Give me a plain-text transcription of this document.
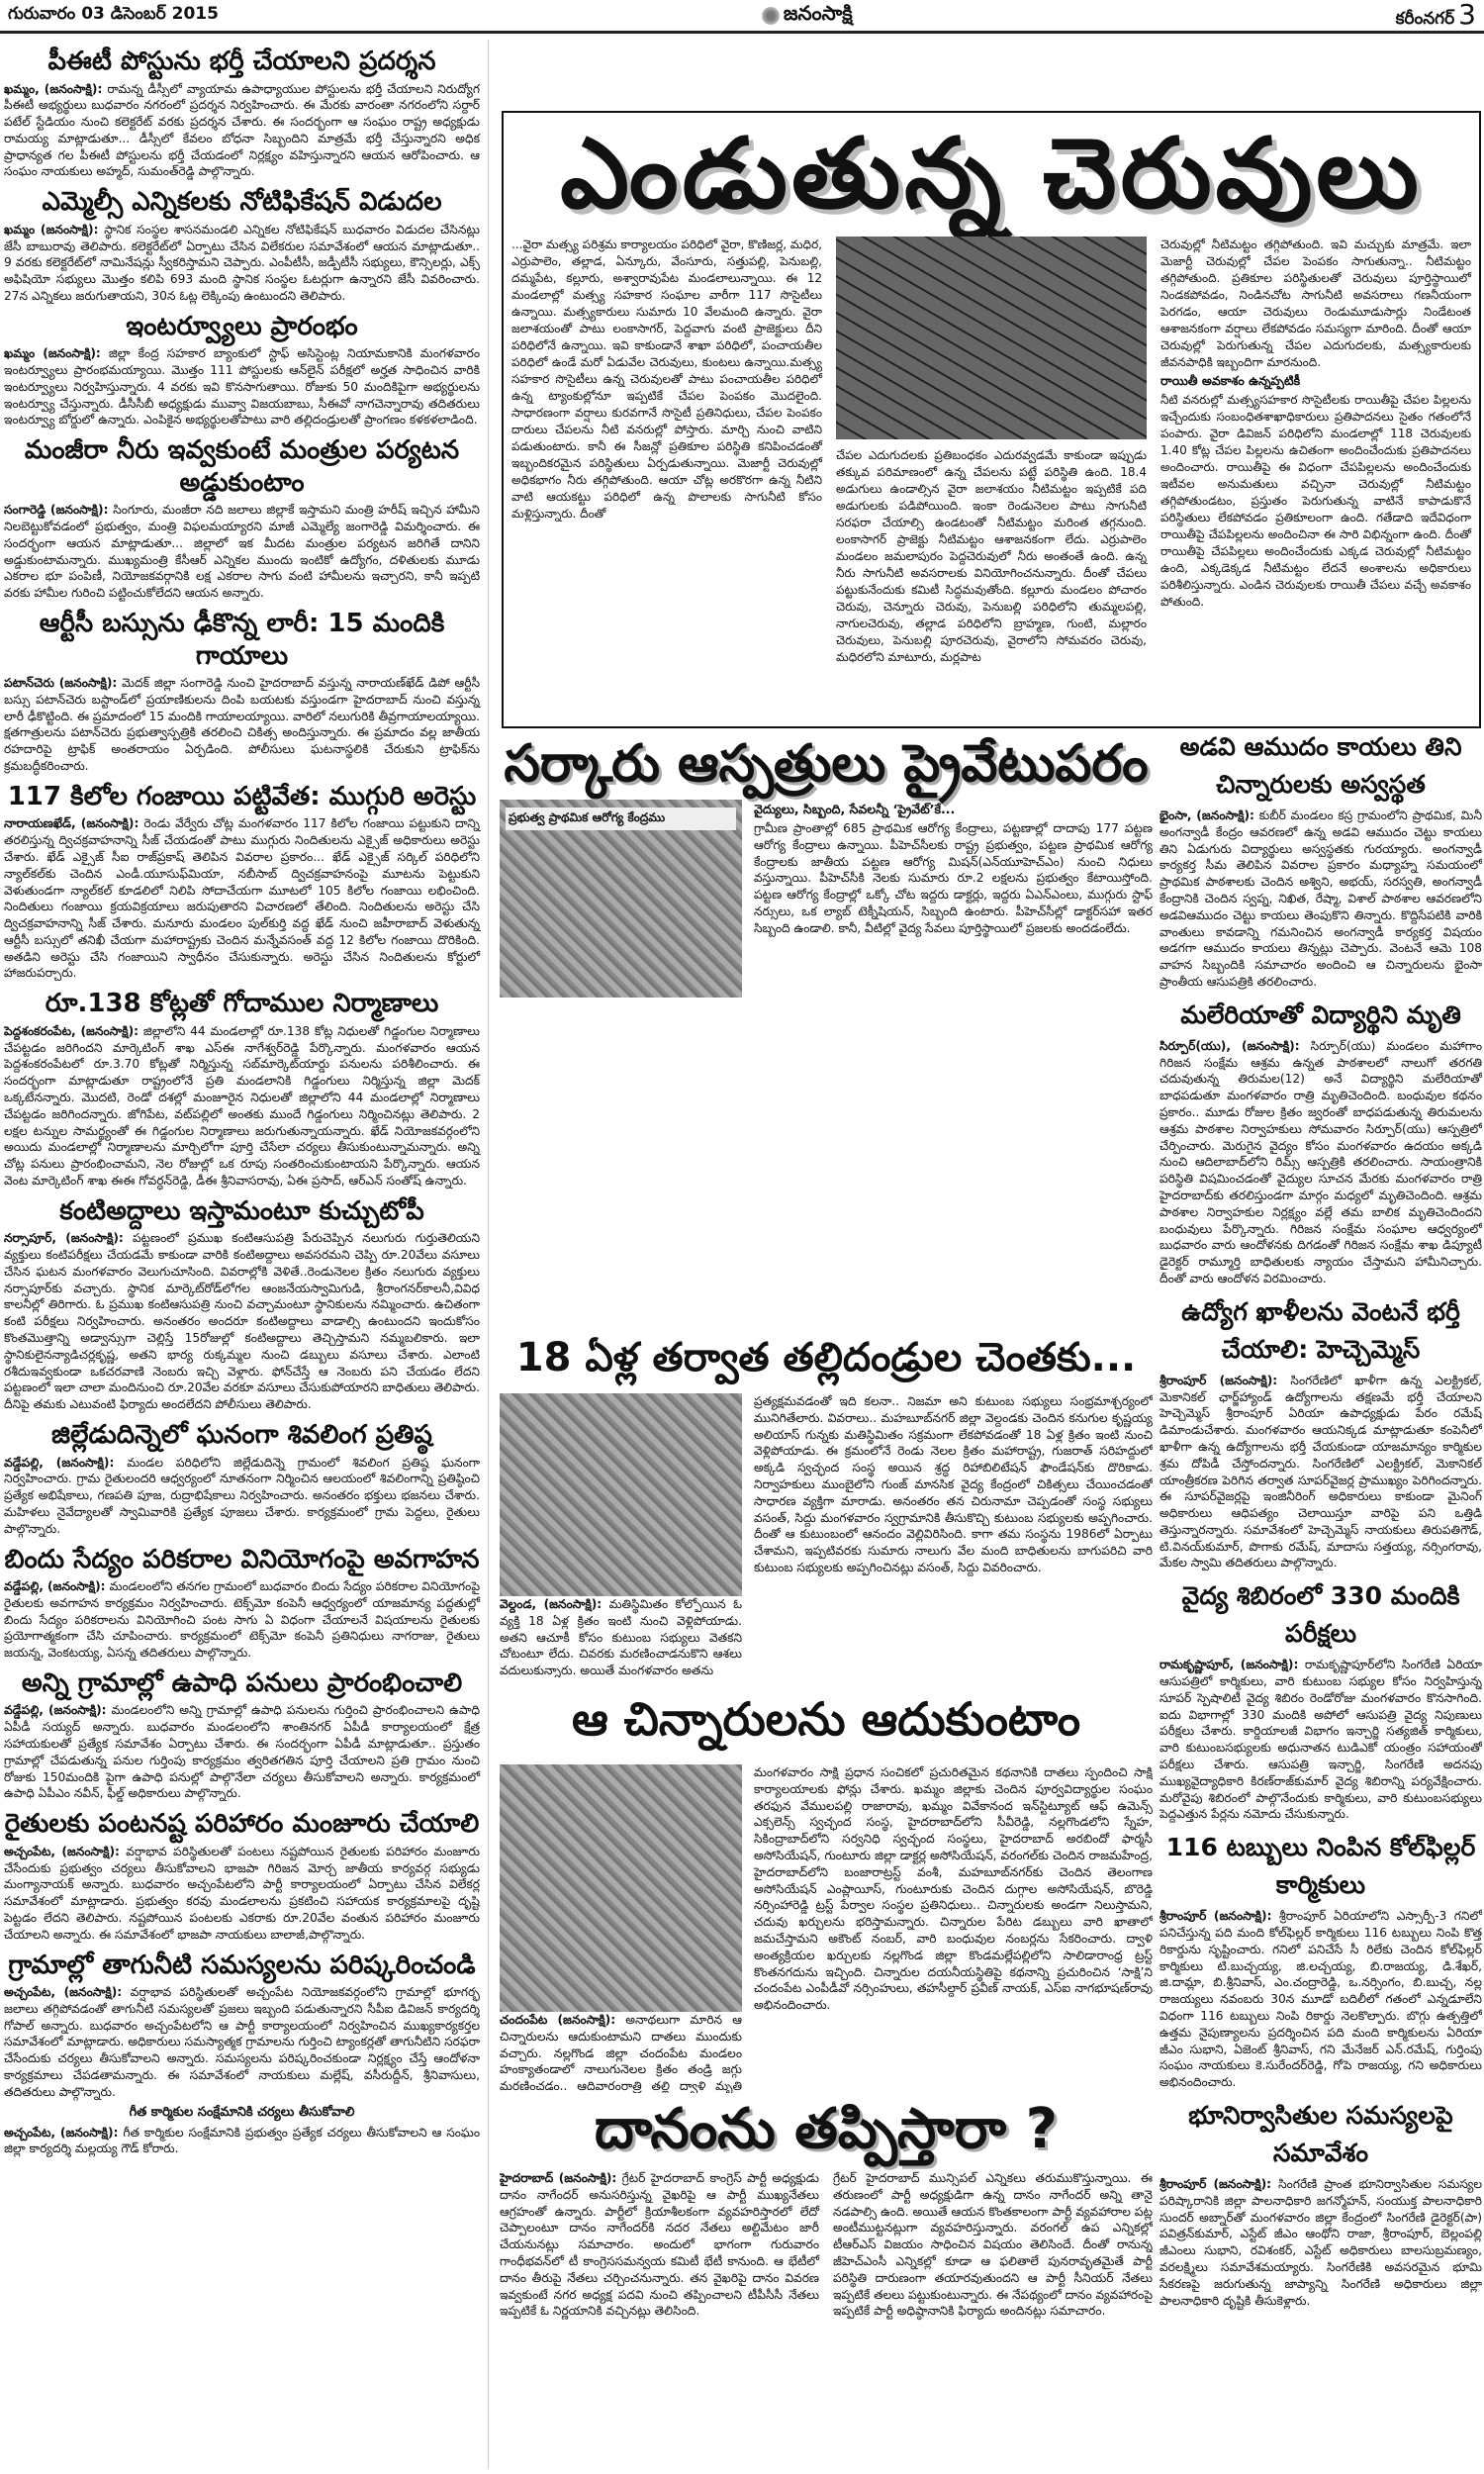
గురువారం 03 డిసెంబర్ 2015	జనంసాక్షి	కరీంనగర్ 3
పీఈటీ పోస్టును భర్తీ చేయాలని ప్రదర్శన

ఖమ్మం, (జనంసాక్షి): రామన్న డీస్సీలో వ్యాయామ ఉపాధ్యాయుల పోస్టులను భర్తీ చేయాలని నిరుద్యోగ పీఈటీ అభ్యర్థులు బుధవారం నగరంలో ప్రదర్శన నిర్వహించారు. ఈ మేరకు వారంతా నగరంలోని సర్దార్ పటేల్ స్టేడియం నుంచి కలెక్టరేట్ వరకు ప్రదర్శన చేశారు. ఈ సందర్భంగా ఆ సంఘం రాష్ట్ర అధ్యక్షుడు రామయ్య మాట్లాడుతూ... డీస్సీలో కేవలం బోధనా సిబ్బందిని మాత్రమే భర్తీ చేస్తున్నారని అధిక ప్రాధాన్యత గల పీఈటీ పోస్టులను భర్తీ చేయడంలో నిర్లక్ష్యం వహిస్తున్నారని ఆయన ఆరోపించారు. ఆ సంఘం నాయకులు అహ్మద్, సుమంత్‌రెడ్డి పాల్గొన్నారు.

ఎమ్మెల్సీ ఎన్నికలకు నోటిఫికేషన్ విడుదల

ఖమ్మం (జనంసాక్షి): స్థానిక సంస్థల శాసనమండలి ఎన్నికల నోటిఫికేషన్ బుధవారం విడుదల చేసినట్లు జేసీ బాబురావు తెలిపారు. కలెక్టరేట్‌లో ఏర్పాటు చేసిన విలేకరుల సమావేశంలో ఆయన మాట్లాడుతూ.. 9 వరకు కలెక్టరేట్‌లో నామినేషన్లు స్వీకరిస్తామని చెప్పారు. ఎంపీటీసీ, జడ్పీటీసీ సభ్యులు, కౌన్సిలర్లు, ఎక్స్ అఫిషియో సభ్యులు మొత్తం కలిపి 693 మంది స్థానిక సంస్థల ఓటర్లుగా ఉన్నారని జేసీ వివరించారు. 27న ఎన్నికలు జరుగుతాయని, 30న ఓట్ల లెక్కింపు ఉంటుందని తెలిపారు.

ఇంటర్వ్యూలు ప్రారంభం

ఖమ్మం (జనంసాక్షి): జిల్లా కేంద్ర సహకార బ్యాంకులో స్టాఫ్ అసిస్టెంట్ల నియామకానికి మంగళవారం ఇంటర్వ్యూలు ప్రారంభమయ్యాయి. మొత్తం 111 పోస్టులకు ఆన్‌లైన్ పరీక్షలో అర్హత సాధించిన వారికి ఇంటర్వ్యూలు నిర్వహిస్తున్నారు. 4 వరకు ఇవి కొనసాగుతాయి. రోజుకు 50 మందికిపైగా అభ్యర్థులను ఇంటర్వ్యూ చేస్తున్నారు. డీసీసీబీ అధ్యక్షుడు మువ్వా విజయబాబు, సీఈవో నాగచెన్నారావు తదితరులు ఇంటర్వ్యూ బోర్డులో ఉన్నారు. ఎంపికైన అభ్యర్థులతోపాటు వారి తల్లిదండ్రులతో ప్రాంగణం కళకళలాడింది.

మంజీరా నీరు ఇవ్వకుంటే మంత్రుల పర్యటన అడ్డుకుంటాం

సంగారెడ్డి (జనంసాక్షి): సింగూరు, మంజీరా నది జలాలు జిల్లాకే ఇస్తామని మంత్రి హరీష్ ఇచ్చిన హామీని నిలబెట్టుకోవడంలో ప్రభుత్వం, మంత్రి విఫలమయ్యారని మాజీ ఎమ్మెల్యే జంగారెడ్డి విమర్శించారు. ఈ సందర్భంగా ఆయన మాట్లాడుతూ... జిల్లాలో ఇక మీదట మంత్రుల పర్యటన జరిగితే దానిని అడ్డుకుంటామన్నారు. ముఖ్యమంత్రి కేసీఆర్ ఎన్నికల ముందు ఇంటికో ఉద్యోగం, దళితులకు మూడు ఎకరాల భూ పంపిణీ, నియోజకవర్గానికి లక్ష ఎకరాల సాగు వంటి హామీలను ఇచ్చారని, కానీ ఇప్పటి వరకు హామీల గురించి పట్టించుకోలేదని ఆయన అన్నారు.

ఆర్టీసీ బస్సును ఢీకొన్న లారీ: 15 మందికి గాయాలు

పటాన్‌చెరు (జనంసాక్షి): మెదక్ జిల్లా సంగారెడ్డి నుంచి హైదరాబాద్ వస్తున్న నారాయణ్‌ఖేడ్ డిపో ఆర్టీసీ బస్సు పటాన్‌చెరు బస్టాండ్‌లో ప్రయాణికులను దింపి బయటకు వస్తుండగా హైదరాబాద్ నుంచి వస్తున్న లారీ ఢీకొట్టింది. ఈ ప్రమాదంలో 15 మందికి గాయాలయ్యాయి. వారిలో నలుగురికి తీవ్రగాయాలయ్యాయి. క్షతగాత్రులను పటాన్‌చెరు ప్రభుత్వాస్పత్రికి తరలించి చికిత్స అందిస్తున్నారు. ఈ ప్రమాదం వల్ల జాతీయ రహదారిపై ట్రాఫిక్ అంతరాయం ఏర్పడింది. పోలీసులు ఘటనాస్థలికి చేరుకుని ట్రాఫిక్‌ను క్రమబద్ధీకరించారు.

117 కిలోల గంజాయి పట్టివేత: ముగ్గురి అరెస్టు

నారాయణఖేడ్, (జనంసాక్షి): రెండు వేర్వేరు చోట్ల మంగళవారం 117 కిలోల గంజాయి పట్టుకుని దాన్ని తరలిస్తున్న ద్విచక్రవాహనాన్ని సీజ్ చేయడంతో పాటు ముగ్గురు నిందితులను ఎక్సైజ్ అధికారులు అరెస్టు చేశారు. ఖేడ్ ఎక్సైజ్ సీఐ రాజ్‌ప్రకాష్ తెలిపిన వివరాల ప్రకారం... ఖేడ్ ఎక్సైజ్ సర్కిల్ పరిధిలోని న్యాల్‌కల్‌కు చెందిన ఎండీ.యూసుఫ్‌మియా, నబీసాబ్ ద్విచక్రవాహనంపై మూటను పెట్టుకుని వెళుతుండగా న్యాల్‌కల్ కూడలిలో నిలిపి సోదాచేయగా మూటలో 105 కిలోల గంజాయి లభించింది. నిందితులు గంజాయి క్రయవిక్రయాలు జరుపుతారని విచారణలో తేలింది. నిందితులను అరెస్టు చేసి ద్విచక్రవాహనాన్ని సీజ్ చేశారు. మనూరు మండలం పుల్‌కుర్తి వద్ద ఖేడ్ నుంచి జహీరాబాద్ వెళుతున్న ఆర్టీసీ బస్సులో తనిఖీ చేయగా మహారాష్ట్రకు చెందిన మన్నేవసంత్ వద్ద 12 కిలోల గంజాయి దొరికింది. అతడిని అరెస్టు చేసి గంజాయిని స్వాధీనం చేసుకున్నారు. అరెస్టు చేసిన నిందితులను కోర్టులో హాజరుపర్చారు.

రూ.138 కోట్లతో గోదాముల నిర్మాణాలు

పెద్దశంకరంపేట, (జనంసాక్షి): జిల్లాలోని 44 మండలాల్లో రూ.138 కోట్ల నిధులతో గిడ్డంగుల నిర్మాణాలు చేపట్టడం జరిగిందని మార్కెటింగ్ శాఖ ఎస్ఈ నాగేశ్వర్‌రెడ్డి పేర్కొన్నారు. మంగళవారం ఆయన పెద్దశంకరంపేటలో రూ.3.70 కోట్లతో నిర్మిస్తున్న సబ్‌మార్కెట్‌యార్డు పనులను పరిశీలించారు. ఈ సందర్భంగా మాట్లాడుతూ రాష్ట్రంలోనే ప్రతి మండలానికి గిడ్డంగులు నిర్మిస్తున్న జిల్లా మెదక్ ఒక్కటేనన్నారు. మొదటి, రెండో దశల్లో మంజూరైన నిధులతో జిల్లాలోని 44 మండలాల్లో నిర్మాణాలు చేపట్టడం జరిగిందన్నారు. జోగిపేట, వట్‌పల్లిలో అంతకు ముందే గిడ్డంగులు నిర్మించినట్లు తెలిపారు. 2 లక్షల టన్నుల సామర్థ్యంతో ఈ గిడ్డంగుల నిర్మాణాలు జరుగుతున్నాయన్నారు. ఖేడ్ నియోజకవర్గంలోని అయిదు మండలాల్లో నిర్మాణాలను మార్చిలోగా పూర్తి చేసేలా చర్యలు తీసుకుంటున్నామన్నారు. అన్ని చోట్ల పనులు ప్రారంభించామని, నెల రోజుల్లో ఒక రూపు సంతరించుకుంటాయని పేర్కొన్నారు. ఆయన వెంట మార్కెటింగ్ శాఖ ఈఈ గోవర్ధన్‌రెడ్డి, డీఈ శ్రీనివాసరావు, ఏఈ ప్రసాద్, ఆర్ఎన్ సంతోష్ ఉన్నారు.

కంటిఅద్దాలు ఇస్తామంటూ కుచ్చుటోపీ

నర్సాపూర్, (జనంసాక్షి): పట్టణంలో ప్రముఖ కంటిఆసుపత్రి పేరుచెప్పిన నలుగురు గుర్తుతెలియని వ్యక్తులు కంటిపరీక్షలు చేయడమే కాకుండా వారికి కంటిఅద్దాలు అవసరమని చెప్పి రూ.20వేలు వసూలు చేసిన ఘటన మంగళవారం వెలుగుచూసింది. వివరాల్లోకి వెళితే..రెండునెలల క్రితం నలుగురు వ్యక్తులు నర్సాపూర్‌కు వచ్చారు. స్థానిక మార్కెట్‌రోడ్‌లోగల ఆంజనేయస్వామిగుడి, శ్రీరాంగనర్‌కాలనీ,వివిధ కాలనీల్లో తిరిగారు. ఓ ప్రముఖ కంటిఆసుపత్రి నుంచి వచ్చామంటూ స్థానికులను నమ్మించారు. ఉచితంగా కంటి పరీక్షలు నిర్వహించారు. అనంతరం అందరూ కంటిఅద్దాలు వాడాల్సి ఉంటుందని ఇందుకోసం కొంతమొత్తాన్ని అడ్వాన్సుగా చెల్లిస్తే 15రోజుల్లో కంటిఅద్దాలు తెచ్చిస్తామని నమ్మబలికారు. ఇలా స్థానికులైనన్యాడిచర్లకృష్ణ, అతని భార్య రుక్కమ్మల నుంచి డబ్బులు వసూలు చేశారు. ఎలాంటి రశీదుఇవ్వకుండా ఒకచరవాణి నెంబరు ఇచ్చి వెళ్లారు. ఫోన్‌చేస్తే ఆ నెంబరు పని చేయడం లేదని పట్టణంలో ఇలా చాలా మందినుంచి రూ.20వేల వరకూ వసూలు చేసుకుపోయారని బాధితులు తెలిపారు. దీనిపై తమకు ఎటువంటి ఫిర్యాదు అందలేదని పోలీసులు తెలిపారు.

జిల్లేడుదిన్నెలో ఘనంగా శివలింగ ప్రతిష్ఠ

వడ్డేపల్లి, (జనంసాక్షి): మండల పరిధిలోని జిల్లేడుదిన్నె గ్రామంలో శివలింగ ప్రతిష్ఠ ఘనంగా నిర్వహించారు. గ్రామ రైతులందరి ఆధ్వర్యంలో నూతనంగా నిర్మించిన ఆలయంలో శివలింగాన్ని ప్రతిష్ఠించి ప్రత్యేక అభిషేకాలు, గణపతి పూజ, రుద్రాభిషేకాలు నిర్వహించారు. అనంతరం భక్తులు భజనలు చేశారు. మహిళలు నైవేద్యాలతో స్వామివారికి ప్రత్యేక పూజలు చేశారు. కార్యక్రమంలో గ్రామ పెద్దలు, రైతులు పాల్గొన్నారు.

బిందు సేద్యం పరికరాల వినియోగంపై అవగాహన

వడ్డేపల్లి, (జనంసాక్షి): మండలంలోని తనగల గ్రామంలో బుధవారం బిందు సేద్యం పరికరాల వినియోగంపై రైతులకు అవగాహన కార్యక్రమం నిర్వహించారు. టెక్స్‌మో కంపెనీ ఆధ్వర్యంలో యాజమాన్య పద్ధతుల్లో బిందు సేద్యం పరికరాలను వినియోగించి పంట సాగు ఏ విధంగా చేయాలనే విషయాలను రైతులకు ప్రయోగాత్మకంగా చేసి చూపించారు. కార్యక్రమంలో టెక్స్‌మో కంపెనీ ప్రతినిధులు నాగరాజు, రైతులు జయన్న, వెంకటయ్య, ఏసన్న తదితరులు పాల్గొన్నారు.

అన్ని గ్రామాల్లో ఉపాధి పనులు ప్రారంభించాలి

వడ్డేపల్లి, (జనంసాక్షి): మండలంలోని అన్ని గ్రామాల్లో ఉపాధి పనులను గుర్తించి ప్రారంభించాలని ఉపాధి ఏపీడీ సయ్యద్ అన్నారు. బుధవారం మండలంలోని శాంతినగర్ ఏపీడీ కార్యాలయంలో క్షేత్ర సహాయకులతో ప్రత్యేక సమావేశం ఏర్పాటు చేశారు. ఈ సందర్భంగా ఏపీడీ మాట్లాడుతూ.. ప్రస్తుతం గ్రామాల్లో చేపడుతున్న పనుల గుర్తింపు కార్యక్రమం త్వరితగతిన పూర్తి చేయాలని ప్రతి గ్రామం నుంచి రోజుకు 150మందికి పైగా ఉపాధి పనుల్లో పాల్గొనేలా చర్యలు తీసుకోవాలని అన్నారు. కార్యక్రమంలో ఉపాధి ఏపీఎం నవీన్, ఫీల్డ్ అధికారులు పాల్గొన్నారు.

రైతులకు పంటనష్ట పరిహారం మంజూరు చేయాలి

అచ్చంపేట, (జనంసాక్షి): వర్షాభావ పరిస్థితులతో పంటలు నష్టపోయిన రైతులకు పరిహారం మంజూరు చేసేందుకు ప్రభుత్వం చర్యలు తీసుకోవాలని భాజపా గిరిజన మోర్చ జాతీయ కార్యవర్గ సభ్యుడు మంగ్యానాయక్ అన్నారు. బుధవారం అచ్చంపేటలోని పార్టీ కార్యాలయంలో ఏర్పాటు చేసిన విలేకర్ల సమావేశంలో మాట్లాడారు. ప్రభుత్వం కరవు మండలాలను ప్రకటించి సహాయక కార్యక్రమాలపై దృష్టి పెట్టడం లేదని తెలిపారు. నష్టపోయిన పంటలకు ఎకరాకు రూ.20వేల వంతున పరిహారం మంజూరు చేయాలని అన్నారు. ఈ సమావేశంలో భాజపా నాయకులు బాలాజీ,పాల్గొన్నారు.

గ్రామాల్లో తాగునీటి సమస్యలను పరిష్కరించండి

అచ్చంపేట, (జనంసాక్షి): వర్షాభావ పరిస్థితులతో అచ్చంపేట నియోజకవర్గంలోని గ్రామాల్లో భూగర్భ జలాలు తగ్గిపోవడంతో తాగునీటి సమస్యలతో ప్రజలు ఇబ్బంది పడుతున్నారని సీపీఐ డివిజన్ కార్యదర్శి గోపాల్ అన్నారు. బుధవారం అచ్చంపేటలోని ఆ పార్టీ కార్యాలయంలో నిర్వహించిన ముఖ్యకార్యకర్తల సమావేశంలో మాట్లాడారు. అధికారులు సమస్యాత్మక గ్రామాలను గుర్తించి ట్యాంకర్లతో తాగునీటిని సరఫరా చేసేందుకు చర్యలు తీసుకోవాలని అన్నారు. సమస్యలను పరిష్కరించకుండా నిర్లక్ష్యం చేస్తే ఆందోళనా కార్యక్రమాలు చేపడతామన్నారు. ఈ సమావేశంలో నాయకులు మల్లేష్, వసీరుద్దీన్, శ్రీనివాసులు, తదితరులు పాల్గొన్నారు.

గీత కార్మికుల సంక్షేమానికి చర్యలు తీసుకోవాలి

అచ్చంపేట, (జనంసాక్షి): గీత కార్మికుల సంక్షేమానికి ప్రభుత్వం ప్రత్యేక చర్యలు తీసుకోవాలని ఆ సంఘం జిల్లా కార్యదర్శి మల్లయ్య గౌడ్ కోరారు.

ఎండుతున్న చెరువులు

...వైరా మత్స్య పరిశ్రమ కార్యాలయం పరిధిలో వైరా, కొణిజర్ల, మధిర, ఎర్రుపాలెం, తల్లాడ, ఏన్కూరు, వేంసూరు, సత్తుపల్లి, పెనుబల్లి, దమ్మపేట, కల్లూరు, అశ్వారావుపేట మండలాలున్నాయి. ఈ 12 మండలాల్లో మత్స్య సహకార సంఘాల వారీగా 117 సొసైటీలు ఉన్నాయి. మత్స్యకారులు సుమారు 10 వేలమంది ఉన్నారు. వైరా జలాశయంతో పాటు లంకాసాగర్, పెద్దవాగు వంటి ప్రాజెక్టులు దీని పరిధిలోనే ఉన్నాయి. ఇవి కాకుండానే శాఖా పరిధిలో, పంచాయతీల పరిధిలో ఉండే మరో ఏడువేల చెరువులు, కుంటలు ఉన్నాయి.మత్స్య సహకార సొసైటీలు ఉన్న చెరువులతో పాటు పంచాయతీల పరిధిలో ఉన్న ట్యాంకుల్లోనూ ఇప్పటికే చేపల పెంపకం మొదలైంది. సాధారణంగా వర్షాలు కురవగానే సొసైటీ ప్రతినిధులు, చేపల పెంపకం దారులు చేపలను నీటి వనరుల్లో పోస్తారు. మార్చి నుంచి వాటిని పడుతుంటారు. కానీ ఈ సీజన్లో ప్రతికూల పరిస్థితి కనిపించడంతో ఇబ్బందికరమైన పరిస్థితులు ఏర్పడుతున్నాయి. మెజార్టీ చెరువుల్లో అధికభాగం నీరు తగ్గిపోతుంది. ఆయా చోట్ల అరకొరగా ఉన్న నీటిని వాటి ఆయకట్టు పరిధిలో ఉన్న పొలాలకు సాగునీటి కోసం మళ్లిస్తున్నారు. దీంతో

చేపల ఎదుగుదలకు ప్రతిబంధకం ఎదురవ్వడమే కాకుండా ఇప్పుడు తక్కువ పరిమాణంలో ఉన్న చేపలను పట్టే పరిస్థితి ఉంది. 18.4 అడుగులు ఉండాల్సిన వైరా జలాశయం నీటిమట్టం ఇప్పటికే పది అడుగులకు పడిపోయింది. ఇంకా రెండునెలల పాటు సాగునీటి సరఫరా చేయాల్సి ఉండటంతో నీటిమట్టం మరింత తగ్గనుంది. లంకాసాగర్ ప్రాజెక్టు నీటిమట్టం ఆశాజనకంగా లేదు. ఎర్రుపాలెం మండలం జమలాపురం పెద్దచెరువులో నీరు అంతంతే ఉంది. ఉన్న నీరు సాగునీటి అవసరాలకు వినియోగించనున్నారు. దీంతో చేపలు పట్టుకునేందుకు కమిటీ సిద్ధమవుతోంది. కల్లూరు మండలం పోచారం చెరువు, చెన్నూరు చెరువు, పెనుబల్లి పరిధిలోని తుమ్మలపల్లి, నాగులచెరువు, తల్లాడ పరిధిలోని బ్రాహ్మణ, గుంటి, మల్లారం చెరువులు, పెనుబల్లి పూరచెరువు, వైరాలోని సోమవరం చెరువు, మధిరలోని మాటూరు, మర్లపాట

చెరువుల్లో నీటిమట్టం తగ్గిపోతుంది. ఇవి మచ్చుకు మాత్రమే. ఇలా మెజార్టీ చెరువుల్లో చేపల పెంపకం సాగుతున్నా.. నీటిమట్టం తగ్గిపోతుంది. ప్రతికూల పరిస్థితులతో చెరువులు పూర్తిస్థాయిలో నిండకపోవడం, నిండినచోట సాగునీటి అవసరాలు గణనీయంగా పెరగడం, ఆయా చెరువులు రెండుమూడుసార్లు నిండేటంత ఆశాజనకంగా వర్షాలు లేకపోవడం సమస్యగా మారింది. దీంతో ఆయా చెరువుల్లో పెరుగుతున్న చేపల ఎదుగుదలకు, మత్స్యకారులకు జీవనపాధికి ఇబ్బందిగా మారనుంది.

రాయితీ అవకాశం ఉన్నప్పటికీ

నీటి వనరుల్లో మత్స్యసహకార సొసైటీలకు రాయితీపై చేపల పిల్లలను ఇచ్చేందుకు సంబంధితశాఖాధికారులు ప్రతిపాదనలు సైతం గతంలోనే పంపారు. వైరా డివిజన్ పరిధిలోని మండలాల్లో 118 చెరువులకు 1.40 కోట్ల చేపల పిల్లలను ఉచితంగా అందించేందుకు ప్రతిపాదనలు అందించారు. రాయితీపై ఈ విధంగా చేపపిల్లలను అందించేందుకు ఇటీవల అనుమతులు వచ్చినా చెరువుల్లో నీటిమట్టం తగ్గిపోతుండటం, ప్రస్తుతం పెరుగుతున్న వాటినే కాపాడుకొనే పరిస్థితులు లేకపోవడం ప్రతికూలంగా ఉంది. గతేడాది ఇదేవిధంగా రాయితీపై చేపపిల్లలను అందించినా ఈ సారి విభిన్నంగా ఉంది. దీంతో రాయితీపై చేపపిల్లలు అందించేందుకు ఎక్కడ చెరువుల్లో నీటిమట్టం ఉంది, ఎక్కడెక్కడ నీటిమట్టం లేదనే అంశాలను అధికారులు పరిశీలిస్తున్నారు. ఎండిన చెరువులకు రాయితీ చేపలు వచ్చే అవకాశం పోతుంది.

సర్కారు ఆస్పత్రులు ప్రైవేటుపరం
ప్రభుత్వ ప్రాథమిక ఆరోగ్య కేంద్రము
వైద్యులు, సిబ్బంది, సేవలన్నీ ‘ప్రైవేట్’కే...

గ్రామీణ ప్రాంతాల్లో 685 ప్రాథమిక ఆరోగ్య కేంద్రాలు, పట్టణాల్లో దాదాపు 177 పట్టణ ఆరోగ్య కేంద్రాలు ఉన్నాయి. పీహెచ్‌సీలకు రాష్ట్ర ప్రభుత్వం, పట్టణ ప్రాథమిక ఆరోగ్య కేంద్రాలకు జాతీయ పట్టణ ఆరోగ్య మిషన్(ఎన్‌యూహెచ్‌ఎం) నుంచి నిధులు వస్తున్నాయి. పీహెచ్‌సీకి నెలకు సుమారు రూ.2 లక్షలను ప్రభుత్వం కేటాయిస్తోంది. పట్టణ ఆరోగ్య కేంద్రాల్లో ఒక్కో చోట ఇద్దరు డాక్టర్లు, ఇద్దరు ఏఎన్‌ఎంలు, ముగ్గురు స్టాఫ్ నర్సులు, ఒక ల్యాబ్ టెక్నీషియన్, సిబ్బంది ఉంటారు. పీహెచ్‌సీల్లో డాక్టర్‌సహా ఇతర సిబ్బంది ఉండాలి. కానీ, వీటిల్లో వైద్య సేవలు పూర్తిస్థాయిలో ప్రజలకు అందడంలేదు.

18 ఏళ్ల తర్వాత తల్లిదండ్రుల చెంతకు...

వెల్దండ, (జనంసాక్షి): మతిస్థిమితం కోల్పోయిన ఓ వ్యక్తి 18 ఏళ్ల క్రితం ఇంటి నుంచి వెళ్లిపోయాడు. అతని ఆచూకీ కోసం కుటుంబ సభ్యులు వెతకని చోటంటూ లేదు. చివరకు మరణించాడనుకొని ఆశలు వదులుకున్నారు. అయితే మంగళవారం అతను

ప్రత్యక్షమవడంతో ఇది కలనా.. నిజమా అని కుటుంబ సభ్యులు సంభ్రమాశ్చర్యంలో మునిగితేలారు. వివరాలు.. మహబూబ్‌నగర్ జిల్లా వెల్దండకు చెందిన కనుగుల కృష్ణయ్య అలియాస్ గున్నకు మతిస్థిమితం సక్రమంగా లేకపోవడంతో 18 ఏళ్ల క్రితం ఇంటి నుంచి వెళ్లిపోయాడు. ఈ క్రమంలోనే రెండు నెలల క్రితం మహారాష్ట్ర, గుజరాత్ సరిహద్దులో అక్కడి స్వచ్ఛంద సంస్థ అయిన శ్రద్ధ రిహాబిలిటేషన్ ఫౌండేషన్‌కు దొరికాడు. నిర్వాహకులు ముంబైలోని గుంజ్ మానసిక వైద్య కేంద్రంలో చికిత్సలు చేయించడంతో సాధారణ వ్యక్తిగా మారాడు. అనంతరం తన చిరునామా చెప్పడంతో సంస్థ సభ్యులు వసంత్, సిద్దు మంగళవారం స్వగ్రామానికి తీసుకొచ్చి కుటుంబ సభ్యులకు అప్పగించారు. దీంతో ఆ కుటుంబంలో ఆనందం వెల్లివిరిసింది. కాగా తమ సంస్థను 1986లో ఏర్పాటు చేశామని, ఇప్పటివరకు సుమారు నాలుగు వేల మంది బాధితులను బాగుపరిచి వారి కుటుంబ సభ్యులకు అప్పగించినట్లు వసంత్, సిద్దు వివరించారు.

ఆ చిన్నారులను ఆదుకుంటాం

చందంపేట (జనంసాక్షి): అనాథలుగా మారిన ఆ చిన్నారులను ఆదుకుంటామని దాతలు ముందుకు వచ్చారు. నల్లగొండ జిల్లా చందంపేట మండలం హంక్యాతండాలో నాలుగునెలల క్రితం తండ్రి జగ్గు మరణించడం.. ఆదివారంరాత్రి తల్లి ద్వాళి మృతి

మంగళవారం సాక్షి ప్రధాన సంచికలో ప్రచురితమైన కథనానికి దాతలు స్పందించి సాక్షి కార్యాలయాలకు ఫోన్లు చేశారు. ఖమ్మం జిల్లాకు చెందిన పూర్వవిద్యార్థుల సంఘం తరఫున వేములపల్లి రాజారావు, ఖమ్మం వివేకానంద ఇన్‌స్టిట్యూట్ ఆఫ్ ఉమెన్స్ ఎక్సలెన్స్ స్వచ్ఛంద సంస్థ, హైదరాబాద్‌లోని సీవీరెడ్డి, నల్లగొండలోని స్నేహ, సికింద్రాబాద్‌లోని సర్వనిధి స్వచ్ఛంద సంస్థలు, హైదరాబాద్ అరబిందో ఫార్మసీ అసోసియేషన్, గుంటూరు జిల్లా డాక్టర్ల అసోసియేషన్, వరంగల్‌కు చెందిన రాజమహేంద్ర, హైదరాబాద్‌లోని బంజారాట్రస్ట్ వంశీ, మహబూబ్‌నగర్‌కు చెందిన తెలంగాణ అసోసియేషన్ ఎంప్లాయీస్, గుంటూరుకు చెందిన దుగ్గాల అసోసియేషన్, బొరెడ్డి నర్సింహారెడ్డి ట్రస్ట్ పేర్వాల సంస్థల ప్రతినిధులు.. చిన్నారులకు అండగా నిలుస్తామని, చదువు ఖర్చులను భరిస్తామన్నారు. చిన్నారుల పేరిట డబ్బులు వారి ఖాతాలో జమచేస్తామని అకౌంట్ నంబర్, వారి బంధువుల నంబర్లను సేకరించారు. ద్వాళి అంత్యక్రియల ఖర్చులకు నల్లగొండ జిల్లా కొండమల్లేపల్లిలోని సాలిడారాంధ్ర ట్రస్ట్ కొంతనగదును ఇచ్చింది. చిన్నారుల దయనీయస్థితిపై కథనాన్ని ప్రచురించిన ‘సాక్షి’ని చందంపేట ఎంపీడీవో నర్సింహులు, తహసీల్దార్ ప్రవీణ్ నాయక్, ఎస్ఐ నాగభూషణ్‌రావు అభినందించారు.

దానంను తప్పిస్తారా ?

హైదరాబాద్ (జనంసాక్షి): గ్రేటర్ హైదరాబాద్ కాంగ్రెస్ పార్టీ అధ్యక్షుడు దానం నాగేందర్ అనుసరిస్తున్న వైఖరిపై ఆ పార్టీ ముఖ్యనేతలు ఆగ్రహంతో ఉన్నారు. పార్టీలో క్రియాశీలకంగా వ్యవహరిస్తారలో లేదో చెప్పాలంటూ దానం నాగేందర్‌కి నదర నేతలు అల్టిమేటం జారీ చేయనునట్లు సమాచారం. అందులో భాగంగా గురువారం గాంధీభవన్‌లో టీ కాంగ్రెససమన్వయ కమిటీ భేటీ కానుంది. ఆ భేటీలో దానం తీరుపై నేతలు చర్చించనున్నారు. తన వైఖరిపై దానం వివరణ ఇవ్వకుంటే నగర అధ్యక్ష పదవి నుంచి తప్పించాలని టీపీసీసీ నేతలు ఇప్పటికే ఓ నిర్ణయానికి వచ్చినట్లు తెలిసింది.

గ్రేటర్ హైదరాబాద్ మున్సిపల్ ఎన్నికలు తరుముకొస్తున్నాయి. ఈ తరుణంలో పార్టీ అధ్యక్షుడిగా ఉన్న దానం నాగేందర్ అన్ని తానై నడపాల్సి ఉంది. అయితే ఆయన కొంతకాలంగా పార్టీ వ్యవహారాల పట్ల అంటీముట్టనట్లుగా వ్యవహరిస్తున్నారు. వరంగల్ ఉప ఎన్నికల్లో టీఆర్ఎస్ విజయం సాధించిన విషయం తెలిసిందే. దీంతో రానున్న జీహెచ్ఎంసీ ఎన్నికల్లో కూడా ఆ ఫలితాలే పునరావృతమైతే పార్టీ పరిస్థితి దారుణంగా తయారవుతుందని ఆ పార్టీ సీనియర్ నేతలు ఇప్పటికే తలలు పట్టుకుంటున్నారు. ఈ నేపథ్యంలో దానం వ్యవహారంపై ఇప్పటికే పార్టీ అధిష్ఠానానికి ఫిర్యాదు అందినట్లు సమాచారం.

అడవి ఆముదం కాయలు తిని చిన్నారులకు అస్వస్థత

భైంసా, (జనంసాక్షి): కుబీర్ మండలం కస్ర గ్రామంలోని ప్రాథమిక, మినీ అంగన్వాడీ కేంద్రం ఆవరణలో ఉన్న అడవి ఆముదం చెట్టు కాయలు తిని ఏడుగురు విద్యార్థులు అస్వస్థతకు గురయ్యారు. అంగన్వాడీ కార్యకర్త సీమ తెలిపిన వివరాల ప్రకారం మధ్యాహ్న సమయంలో ప్రాథమిక పాఠశాలకు చెందిన అశ్విని, అభయ్, సరస్వతి, అంగన్వాడీ కేంద్రానికి చెందిన స్వప్న, నిఖిత, రేష్మా, విశాల్ పాఠశాల ఆవరణలోని అడవిఆముదం చెట్టు కాయలు తెంపుకొని తిన్నారు. కొద్దిసేపటికి వారికి వాంతులు కావడాన్ని గమనించిన అంగన్వాడీ కార్యకర్త విషయం అడగగా ఆముదం కాయలు తిన్నట్లు చెప్పారు. వెంటనే ఆమె 108 వాహన సిబ్బందికి సమాచారం అందించి ఆ చిన్నారులను భైంసా ప్రాంతీయ ఆసుపత్రికి తరలించారు.

మలేరియాతో విద్యార్థిని మృతి

సిర్పూర్(యు), (జనంసాక్షి): సిర్పూర్(యు) మండలం మహాగాం గిరిజన సంక్షేమ ఆశ్రమ ఉన్నత పాఠశాలలో నాలుగో తరగతి చదువుతున్న తిరుమల(12) అనే విద్యార్థిని మలేరియాతో బాధపడుతూ మంగళవారం రాత్రి మృతిచెందింది. బంధువుల కథనం ప్రకారం.. మూడు రోజుల క్రితం జ్వరంతో బాధపడుతున్న తిరుమలను ఆశ్రమ పాఠశాల నిర్వాహకులు సోమవారం సిర్పూర్(యు) ఆస్పత్రిలో చేర్పించారు. మెరుగైన వైద్యం కోసం మంగళవారం ఉదయం అక్కడి నుంచి ఆదిలాబాద్‌లోని రిమ్స్ ఆస్పత్రికి తరలించారు. సాయంత్రానికి పరిస్థితి విషమించడంతో వైద్యుల సూచన మేరకు మంగళవారం రాత్రి హైదరాబాద్‌కు తరలిస్తుండగా మార్గం మధ్యలో మృతిచెందింది. ఆశ్రమ పాఠశాల నిర్వాహకుల నిర్లక్ష్యం వల్లే తమ బాలిక మృతిచెందిందని బంధువులు పేర్కొన్నారు. గిరిజన సంక్షేమ సంఘాల ఆధ్వర్యంలో బుధవారం వారు ఆందోళనకు దిగడంతో గిరిజన సంక్షేమ శాఖ డిప్యూటీ డైరెక్టర్ రామ్మూర్తి బాధితులకు న్యాయం చేస్తామని హామీనిచ్చారు. దీంతో వారు ఆందోళన విరమించారు.

ఉద్యోగ ఖాళీలను వెంటనే భర్తీ చేయాలి: హెచ్చెమ్మెస్

శ్రీరాంపూర్ (జనంసాక్షి): సింగరేణిలో ఖాళీగా ఉన్న ఎలక్ట్రికల్, మెకానికల్ ఛార్జ్‌హ్యాండ్ ఉద్యోగాలను తక్షణమే భర్తీ చేయాలని హెచ్చెమ్మెస్ శ్రీరాంపూర్ ఏరియా ఉపాధ్యక్షుడు పేరం రమేష్ డిమాండుచేశారు. మంగళవారం ఆయనిక్కడ మాట్లాడుతూ కంపెనీలో ఖాళీగా ఉన్న ఉద్యోగాలను భర్తీ చేయకుండా యాజమాన్యం కార్మికుల శ్రమ దోపిడీ చేస్తోందన్నారు. సింగరేణిలో ఎలక్ట్రికల్, మెకానికల్ యాంత్రీకరణ పెరిగిన తర్వాత సూపర్‌వైజర్ల ప్రాముఖ్యం పెరిగిందన్నారు. ఈ సూపర్‌వైజర్లపై ఇంజినీరింగ్ అధికారులు కాకుండా మైనింగ్ అధికారులు ఆధిపత్యం చెలాయిస్తూ వారిపై పని ఒత్తిడి తెస్తున్నారన్నారు. సమావేశంలో హెచ్చెమ్మెస్ నాయకులు తిరుపతిగౌడ్, టి.వినయ్‌కుమార్, పొగాకు రమేష్, మాదాసు సత్తయ్య, నర్సింగరావు, మేకల స్వామి తదితరులు పాల్గొన్నారు.

వైద్య శిబిరంలో 330 మందికి పరీక్షలు

రామకృష్ణాపూర్, (జనంసాక్షి): రామకృష్ణాపూర్‌లోని సింగరేణి ఏరియా ఆసుపత్రిలో కార్మికులు, వారి కుటుంబ సభ్యుల కోసం నిర్వహిస్తున్న సూపర్ స్పెషాలిటీ వైద్య శిబిరం రెండోరోజు మంగళవారం కొనసాగింది. ఐదు విభాగాల్లో 330 మందికి అపోలో ఆసుపత్రి వైద్య నిపుణులు పరీక్షలు చేశారు. కార్డియాలజీ విభాగం ఇన్చార్జి సత్యజిత్ కార్మికులు, వారి కుటుంబసభ్యులకు అధునాతన టుడిఎకో యంత్రం సహాయంతో పరీక్షలు చేశారు. ఆసుపత్రి ఇన్చార్జి, సింగరేణి అదనపు ముఖ్యవైద్యాధికారి కిరణ్‌రాజ్‌కుమార్ వైద్య శిబిరాన్ని పర్యవేక్షించారు. మరోవైపు శిబిరంలో పాల్గొనేందుకు కార్మికులు, వారి కుటుంబసభ్యులు పెద్దఎత్తున పేర్లను నమోదు చేసుకున్నారు.

116 టబ్బులు నింపిన కోల్‌ఫిల్లర్ కార్మికులు

శ్రీరాంపూర్ (జనంసాక్షి): శ్రీరాంపూర్ ఏరియాలోని ఎస్సార్పీ-3 గనిలో పనిచేస్తున్న పది మంది కోల్‌ఫిల్లర్ కార్మికులు 116 టబ్బులు నింపి కొత్త రికార్డును సృష్టించారు. గనిలో పనిచేసే సీ రిలేకు చెందిన కోల్‌ఫిల్లర్ కార్మికులు టి.బుచ్చయ్య, జి.లచ్చయ్య, బి.రాజయ్య, డి.శేఖర్, జి.దామ్లా, బి.శ్రీనివాస్, ఎం.చంద్రారెడ్డి, ఒ.నర్సింగం, బి.బుచ్చ, నల్ల రాజయ్యలు నవంబరు 30న మూడో బదిలీలో గతంలో ఎన్నడూలేని విధంగా 116 టబ్బులు నింపి రికార్డు నెలకొల్పారు. బొగ్గు ఉత్పత్తిలో ఉత్తమ నైపుణ్యాలను ప్రదర్శించిన పది మంది కార్మికులను ఏరియా జీఎం సుభాని, ఏజెంట్ శ్రీనివాస్, గని మేనేజర్ ఎన్.రమేష్, గుర్తింపు సంఘం నాయకులు కె.సురేందర్‌రెడ్డి, గోపె రాజయ్య, గని అధికారులు అభినందించారు.

భూనిర్వాసితుల సమస్యలపై సమావేశం

శ్రీరాంపూర్ (జనంసాక్షి): సింగరేణి ప్రాంత భూనిర్వాసితుల సమస్యల పరిష్కారానికి జిల్లా పాలనాధికారి జగన్మోహన్, సంయుక్త పాలనాధికారి సుందర్ అబ్నార్‌తో మంగళవారం జిల్లా కేంద్రంలో సింగరేణి డైరెక్టర్(పా) పవిత్రన్‌కుమార్, ఎస్టేట్ జీఎం ఆంథోని రాజా, శ్రీరాంపూర్, బెల్లంపల్లి జీఎంలు సుభాని, రవిశంకర్, ఎస్టేట్ అధికారులు బాలసుబ్రమణ్యం, వరలక్ష్మిలు సమావేశమయ్యారు. సింగరేణికి అవసరమైన భూమి సేకరణపై జరుగుతున్న జాప్యాన్ని సింగరేణి అధికారులు జిల్లా పాలనాధికారి దృష్టికి తీసుకెళ్లారు.
